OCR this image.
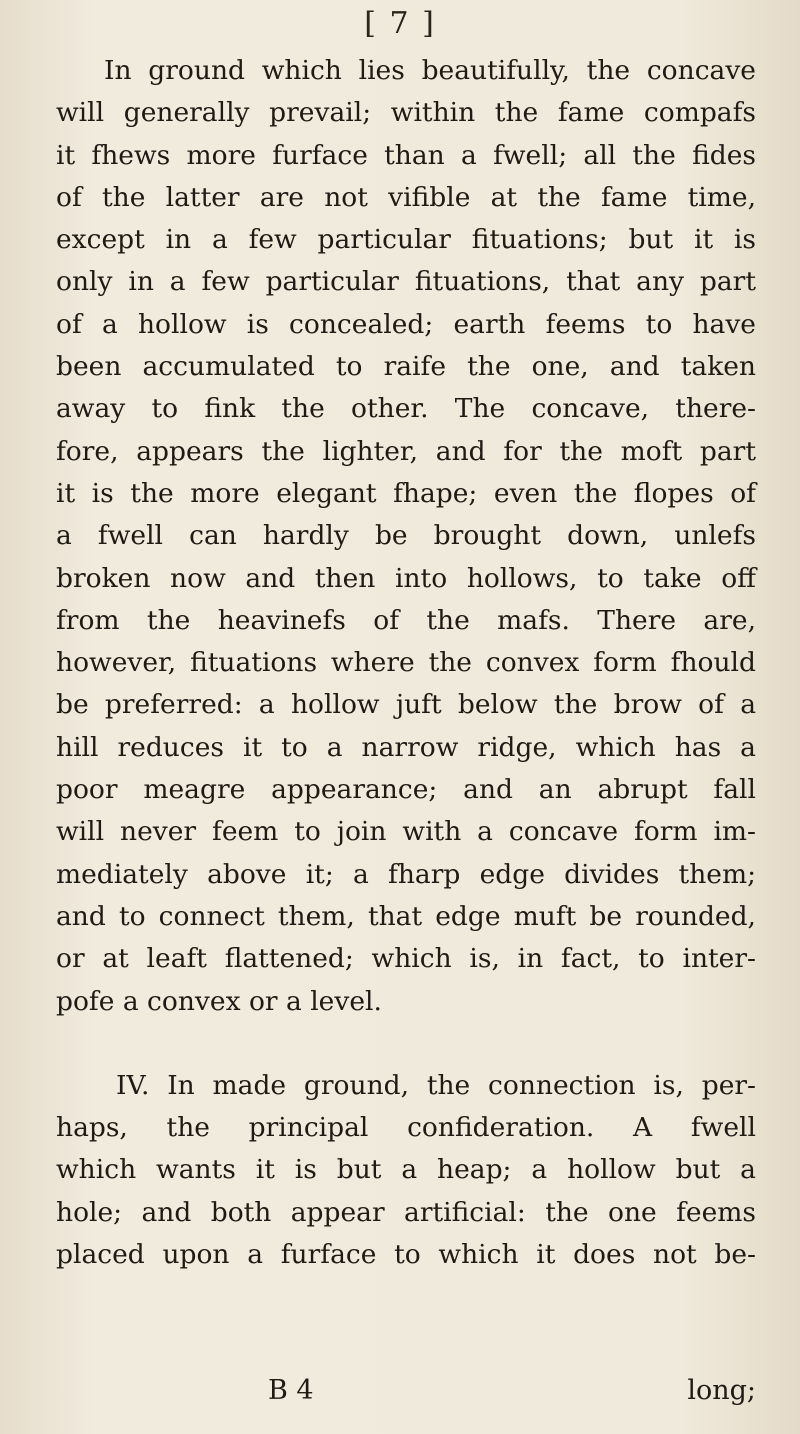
[ 7 ]
In ground which lies beautifully, the concave
will generally prevail; within the fame compafs
it fhews more furface than a fwell; all the fides
of the latter are not vifible at the fame time,
except in a few particular fituations; but it is
only in a few particular fituations, that any part
of a hollow is concealed; earth feems to have
been accumulated to raife the one, and taken
away to fink the other. The concave, there-
fore, appears the lighter, and for the moft part
it is the more elegant fhape; even the flopes of
a fwell can hardly be brought down, unlefs
broken now and then into hollows, to take off
from the heavinefs of the mafs. There are,
however, fituations where the convex form fhould
be preferred: a hollow juft below the brow of a
hill reduces it to a narrow ridge, which has a
poor meagre appearance; and an abrupt fall
will never feem to join with a concave form im-
mediately above it; a fharp edge divides them;
and to connect them, that edge muft be rounded,
or at leaft flattened; which is, in fact, to inter-
pofe a convex or a level.
IV. In made ground, the connection is, per-
haps, the principal confideration. A fwell
which wants it is but a heap; a hollow but a
hole; and both appear artificial: the one feems
placed upon a furface to which it does not be-
B 4	long;
